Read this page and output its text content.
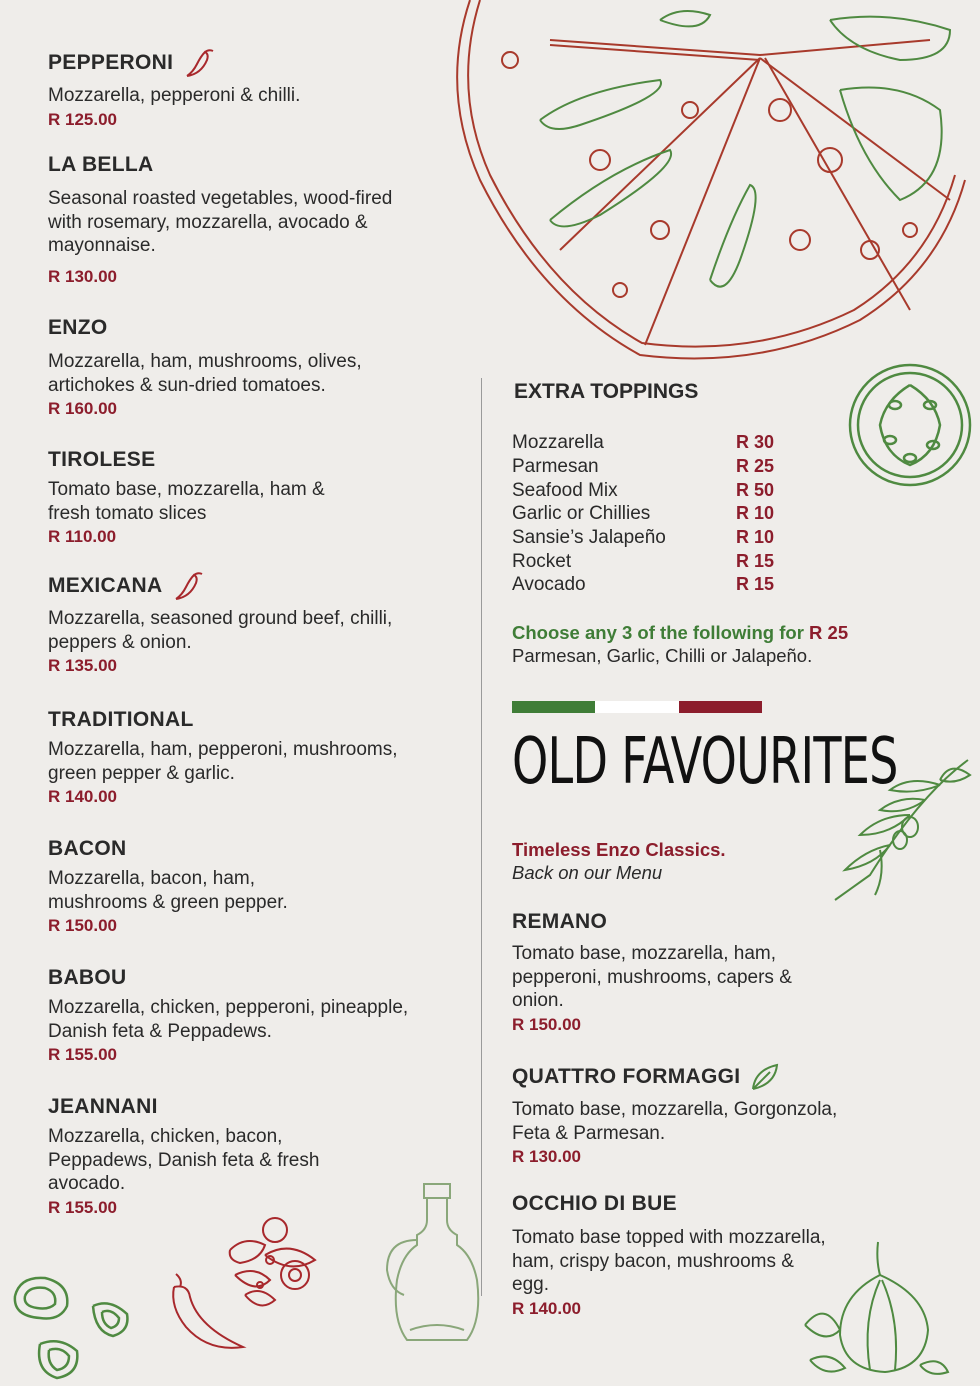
PEPPERONI

Mozzarella, pepperoni & chilli.

R 125.00
LA BELLA

Seasonal roasted vegetables, wood-fired with rosemary, mozzarella, avocado & mayonnaise.

R 130.00
ENZO

Mozzarella, ham, mushrooms, olives, artichokes & sun-dried tomatoes.

R 160.00
TIROLESE

Tomato base, mozzarella, ham & fresh tomato slices

R 110.00
MEXICANA

Mozzarella, seasoned ground beef, chilli, peppers & onion.

R 135.00
TRADITIONAL

Mozzarella, ham, pepperoni, mushrooms, green pepper & garlic.

R 140.00
BACON

Mozzarella, bacon, ham, mushrooms & green pepper.

R 150.00
BABOU

Mozzarella, chicken, pepperoni, pineapple, Danish feta & Peppadews.

R 155.00
JEANNANI

Mozzarella, chicken, bacon, Peppadews, Danish feta & fresh avocado.

R 155.00
EXTRA TOPPINGS
Mozzarella	R 30
Parmesan	R 25
Seafood Mix	R 50
Garlic or Chillies	R 10
Sansie’s Jalapeño	R 10
Rocket	R 15
Avocado	R 15
Choose any 3 of the following for R 25
Parmesan, Garlic, Chilli or Jalapeño.
OLD FAVOURITES
Timeless Enzo Classics.
Back on our Menu
REMANO

Tomato base, mozzarella, ham, pepperoni, mushrooms, capers & onion.

R 150.00
QUATTRO FORMAGGI

Tomato base, mozzarella, Gorgonzola, Feta & Parmesan.

R 130.00
OCCHIO DI BUE

Tomato base topped with mozzarella, ham, crispy bacon, mushrooms & egg.

R 140.00
